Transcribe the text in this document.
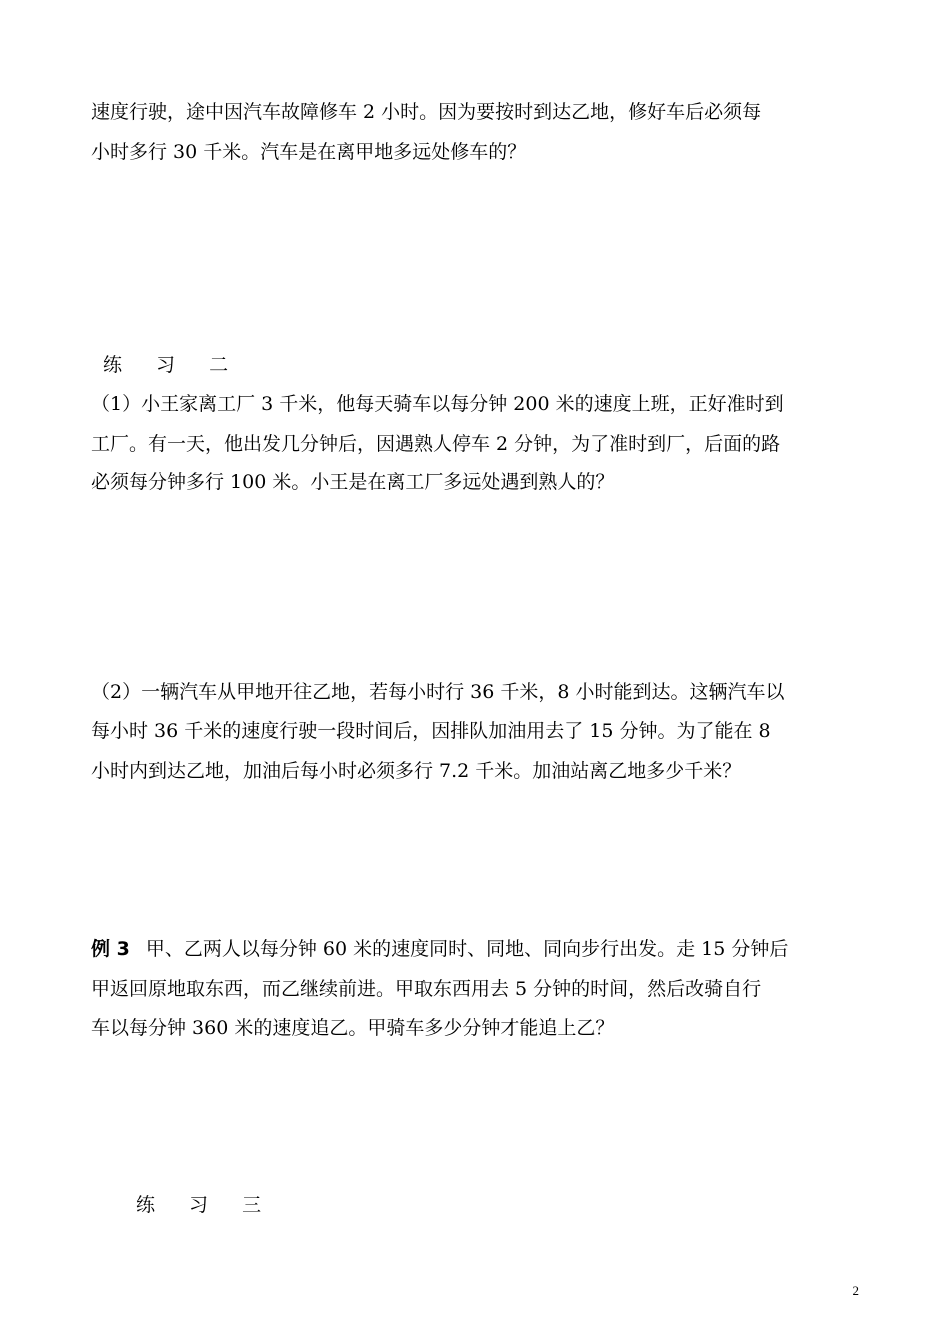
速度行驶，途中因汽车故障修车 2 小时。因为要按时到达乙地，修好车后必须每
小时多行 30 千米。汽车是在离甲地多远处修车的？
练 习 二
（1）小王家离工厂 3 千米，他每天骑车以每分钟 200 米的速度上班，正好准时到
工厂。有一天，他出发几分钟后，因遇熟人停车 2 分钟，为了准时到厂，后面的路
必须每分钟多行 100 米。小王是在离工厂多远处遇到熟人的？
（2）一辆汽车从甲地开往乙地，若每小时行 36 千米，8 小时能到达。这辆汽车以
每小时 36 千米的速度行驶一段时间后，因排队加油用去了 15 分钟。为了能在 8
小时内到达乙地，加油后每小时必须多行 7.2 千米。加油站离乙地多少千米？
例 3 甲、乙两人以每分钟 60 米的速度同时、同地、同向步行出发。走 15 分钟后
甲返回原地取东西，而乙继续前进。甲取东西用去 5 分钟的时间，然后改骑自行
车以每分钟 360 米的速度追乙。甲骑车多少分钟才能追上乙？
练 习 三
2
